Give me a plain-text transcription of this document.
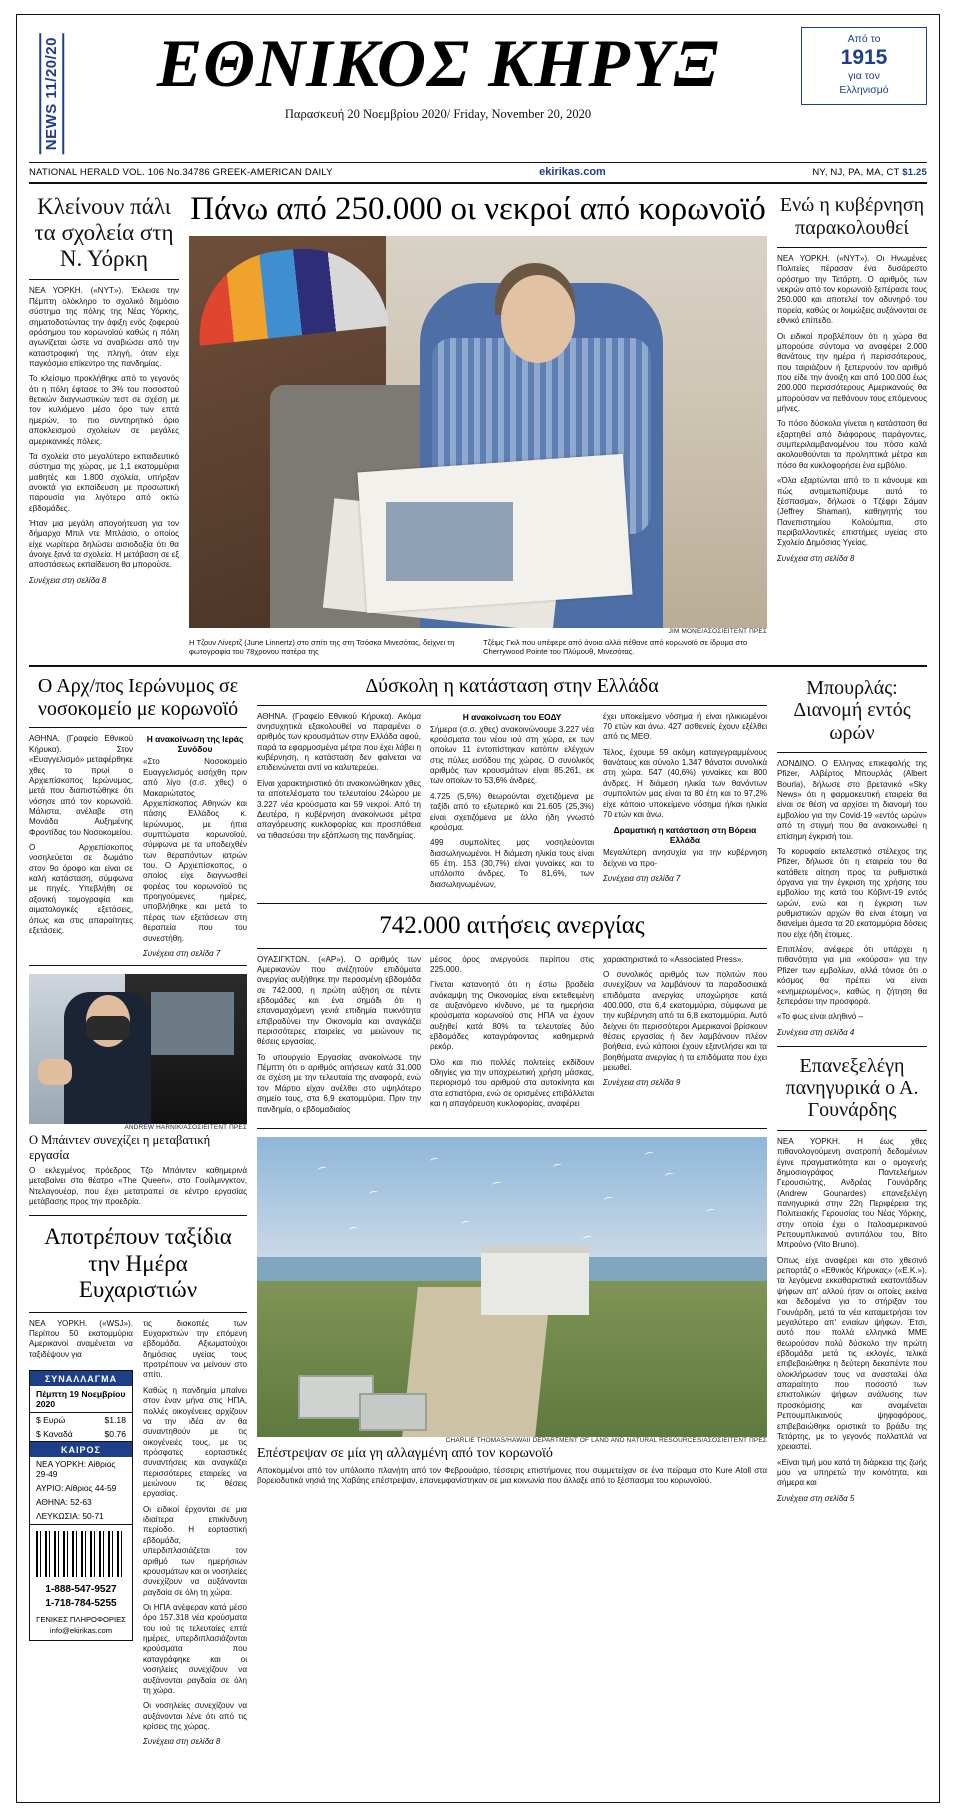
NEWS 11/20/20	ΕΘΝΙΚΟΣ ΚΗΡΥΞ
Παρασκευή 20 Νοεμβρίου 2020/ Friday, November 20, 2020
Από το
1915
για τον
Ελληνισμό
NATIONAL HERALD VOL. 106 No.34786 GREEK-AMERICAN DAILY	ekirikas.com	ΝΥ, ΝJ, ΡΑ, ΜΑ, CT $1.25
Κλείνουν πάλι τα σχολεία στη Ν. Υόρκη

ΝΕΑ ΥΟΡΚΗ. («ΝΥΤ»). Έκλεισε την Πέμπτη ολόκληρο το σχολικό δημόσιο σύστημα της πόλης της Νέας Υόρκης, σηματοδοτώντας την άφιξη ενός ζοφερού ορόσημου του κορωνοϊού καθώς η πόλη αγωνίζεται ώστε να αναβιώσει από την καταστροφική της πληγή, όταν είχε παγκόσμιο επίκεντρο της πανδημίας.

Το κλείσιμο προκλήθηκε από το γεγονός ότι η πόλη έφτασε το 3% του ποσοστού θετικών διαγνωστικών τεστ σε σχέση με τον κυλιόμενο μέσο όρο των επτά ημερών, το πιο συντηρητικό όριο αποκλεισμού σχολείων σε μεγάλες αμερικανικές πόλεις.

Τα σχολεία στο μεγαλύτερο εκπαιδευτικό σύστημα της χώρας, με 1,1 εκατομμύρια μαθητές και 1.800 σχολεία, υπήρξαν ανοικτά για εκπαίδευση με προσωπική παρουσία για λιγότερο από οκτώ εβδομάδες.

Ήταν μια μεγάλη απογοήτευση για τον δήμαρχο Μπιλ ντε Μπλάσιο, ο οποίος είχε νωρίτερα δηλώσει αισιοδοξία ότι θα άνοιγε ξανά τα σχολεία. Η μετάβαση σε εξ αποστάσεως εκπαίδευση θα μπορούσε.

Συνέχεια στη σελίδα 8
Πάνω από 250.000 οι νεκροί από κορωνοϊό
JIM MONE/ΑΣΟΣΙΕΪΤΕΝΤ ΠΡΕΣ
Η Τζουν Λίνερτζ (June Linnertz) στο σπίτι της στη Τσόσκα Μινεσότας, δείχνει τη φωτογραφία του 78χρονου πατέρα της
Τζέιμς Γκιλ που υπέφερε από άνοια αλλά πέθανε από κορωνοϊό σε ίδρυμα στο Cherrywood Pointe του Πλύμουθ, Μινεσότας.
Ενώ η κυβέρνηση παρακολουθεί

ΝΕΑ ΥΟΡΚΗ. («ΝΥΤ»). Οι Ηνωμένες Πολιτείες πέρασαν ένα δυσάρεστο ορόσημο την Τετάρτη. Ο αριθμός των νεκρών από τον κορωνοϊό ξεπέρασε τους 250.000 και αποτελεί τον οδυνηρό του πορεία, καθώς οι λοιμώξεις αυξάνονται σε εθνικό επίπεδο.

Οι ειδικοί προβλέπουν ότι η χώρα θα μπορούσε σύντομα να αναφέρει 2.000 θανάτους την ημέρα ή περισσότερους, που ταιριάζουν ή ξεπερνούν τον αριθμό που είδε την άνοιξη και από 100.000 έως 200.000 περισσότερους Αμερικανούς θα μπορούσαν να πεθάνουν τους επόμενους μήνες.

Το πόσο δύσκολα γίνεται η κατάσταση θα εξαρτηθεί από διάφορους παράγοντες, συμπεριλαμβανομένου του πόσο καλά ακολουθούνται τα προληπτικά μέτρα και πόσο θα κυκλοφορήσει ένα εμβόλιο.

«Όλα εξαρτώνται από το τι κάνουμε και πώς αντιμετωπίζουμε αυτό το ξέσπασμα», δήλωσε ο Τζέφρι Σάμαν (Jeffrey Shaman), καθηγητής του Πανεπιστημίου Κολούμπια, στο περιβαλλοντικές επιστήμες υγείας στο Σχολείο Δημόσιας Υγείας.

Συνέχεια στη σελίδα 8
Ο Αρχ/πος Ιερώνυμος σε νοσοκομείο με κορωνοϊό

ΑΘΗΝΑ. (Γραφείο Εθνικού Κήρυκα). Στον «Ευαγγελισμό» μεταφέρθηκε χθες το πρωί ο Αρχιεπίσκοπος Ιερώνυμος, μετά που διαπιστώθηκε ότι νόσησε από τον κορωνοϊό. Μάλιστα, ανέλαβε στη Μονάδα Αυξημένης Φροντίδας του Νοσοκομείου.

Ο Αρχιεπίσκοπος νοσηλεύεται σε δωμάτιο στον 9ο όροφο και είναι σε καλή κατάσταση, σύμφωνα με πηγές. Υπεβλήθη σε αξονική τομογραφία και αιματολογικές εξετάσεις, όπως και στις απαραίτητες εξετάσεις.

Η ανακοίνωση της Ιεράς Συνόδου

«Στο Νοσοκομείο Ευαγγελισμός εισήχθη πριν από λίγο (σ.σ. χθες) ο Μακαριώτατος Αρχιεπίσκοπος Αθηνών και πάσης Ελλάδος κ. Ιερώνυμος, με ήπια συμπτώματα κορωνοϊού, σύμφωνα με τα υποδειχθέν των θεραπόντων ιατρών του. Ο Αρχιεπίσκοπος, ο οποίος είχε διαγνωσθεί φορέας του κορωνοϊού τις προηγούμενες ημέρες, υποβλήθηκε και μετά το πέρας των εξετάσεων στη θεραπεία που του συνεστήθη.

Συνέχεια στη σελίδα 7
ANDREW HARNIK/ΑΣΟΣΙΕΪΤΕΝΤ ΠΡΕΣ
Ο Μπάιντεν συνεχίζει η μεταβατική εργασία

Ο εκλεγμένος πρόεδρος Τζο Μπάιντεν καθημερινά μεταβαίνει στο θέατρο «The Queen», στο Γουίλμινγκτον, Ντελαγουέαρ, που έχει μετατραπεί σε κέντρο εργασίας μετάβασης προς την προεδρία.

Αποτρέπουν ταξίδια την Ημέρα Ευχαριστιών

ΝΕΑ ΥΟΡΚΗ. («WSJ»). Περίπου 50 εκατομμύρια Αμερικανοί αναμένεται να ταξιδέψουν για

ΣΥΝΑΛΛΑΓΜΑ
Πέμπτη 19 Νοεμβρίου 2020
$ Ευρώ	$1.18
$ Καναδά	$0.76
ΚΑΙΡΟΣ
ΝΕΑ ΥΟΡΚΗ: Αίθριος 29-49
ΑΥΡΙΟ: Αίθριος 44-59
ΑΘΗΝΑ: 52-63
ΛΕΥΚΩΣΙΑ: 50-71
1-888-547-9527
1-718-784-5255
ΓΕΝΙΚΕΣ ΠΛΗΡΟΦΟΡΙΕΣ
info@ekirikas.com

τις διακοπές των Ευχαριστιών την επόμενη εβδομάδα. Αξιωματούχοι δημόσιας υγείας τους προτρέπουν να μείνουν στο σπίτι.

Καθώς η πανδημία μπαίνει στον έναν μήνα στις ΗΠΑ, πολλές οικογένειες αρχίζουν να την ιδέα αν θα συναντηθούν με τις οικογένειές τους, με τις πρόσφατες εορταστικές συναντήσεις και αναγκάζει περισσότερες εταιρείες να μειώνουν τις θέσεις εργασίας.

Οι ειδικοί έρχονται σε μια ιδιαίτερα επικίνδυνη περίοδο. Η εορταστική εβδομάδα, υπερδιπλασιάζεται τον αριθμό των ημερήσιων κρουσμάτων και οι νοσηλείες συνεχίζουν να αυξάνονται ραγδαία σε όλη τη χώρα.

Οι ΗΠΑ ανέφεραν κατά μέσο όρο 157.318 νέα κρούσματα του ιού τις τελευταίες επτά ημέρες, υπερδιπλασιάζονται κρούσματα που καταγράφηκε και οι νοσηλείες συνεχίζουν να αυξάνονται ραγδαία σε όλη τη χώρα.

Οι νοσηλείες συνεχίζουν να αυξάνονται λένε ότι από τις κρίσεις της χώρας.

Συνέχεια στη σελίδα 8
Δύσκολη η κατάσταση στην Ελλάδα

ΑΘΗΝΑ. (Γραφείο Εθνικού Κήρυκα). Ακόμα ανησυχητικά εξακολουθεί να παραμένει ο αριθμός των κρουσμάτων στην Ελλάδα αφού, παρά τα εφαρμοσμένα μέτρα που έχει λάβει η κυβέρνηση, η κατάσταση δεν φαίνεται να επιδεινώνεται αντί να καλυτερεύει.

Είναι χαρακτηριστικό ότι ανακοινώθηκαν χθες τα αποτελέσματα του τελευταίου 24ώρου με 3.227 νέα κρούσματα και 59 νεκροί. Από τη Δευτέρα, η κυβέρνηση ανακοίνωσε μέτρα απαγόρευσης κυκλοφορίας και προσπάθεια να τιθασεύσει την εξάπλωση της πανδημίας.

Η ανακοίνωση του ΕΟΔΥ

Σήμερα (σ.σ. χθες) ανακοινώνουμε 3.227 νέα κρούσματα του νέου ιού στη χώρα, εκ των οποίων 11 εντοπίστηκαν κατόπιν ελέγχων στις πύλες εισόδου της χώρας. Ο συνολικός αριθμός των κρουσμάτων είναι 85.261, εκ των οποίων το 53,6% άνδρες.

4.725 (5,5%) θεωρούνται σχετιζόμενα με ταξίδι από το εξωτερικό και 21.605 (25,3%) είναι σχετιζόμενα με άλλο ήδη γνωστό κρούσμα.

499 συμπολίτες μας νοσηλεύονται διασωληνωμένοι. Η διάμεση ηλικία τους είναι 65 έτη. 153 (30,7%) είναι γυναίκες και το υπόλοιπο άνδρες. Το 81,6%, των διασωληνωμένων,

έχει υποκείμενο νόσημα ή είναι ηλικιωμένοι 70 ετών και άνω. 427 ασθενείς έχουν εξέλθει από τις ΜΕΘ.

Τέλος, έχουμε 59 ακόμη καταγεγραμμένους θανάτους και σύνολο 1.347 θάνατοι συνολικά στη χώρα. 547 (40,6%) γυναίκες και 800 άνδρες. Η διάμεση ηλικία των θανόντων συμπολιτών μας είναι τα 80 έτη και το 97,2% είχε κάποιο υποκείμενο νόσημα ή/και ηλικία 70 ετών και άνω.

Δραματική η κατάσταση στη Βόρεια Ελλάδα

Μεγαλύτερη ανησυχία για την κυβέρνηση δείχνει να προ-

Συνέχεια στη σελίδα 7
742.000 αιτήσεις ανεργίας

ΟΥΑΣΙΓΚΤΩΝ. («ΑΡ»). Ο αριθμός των Αμερικανών που ανέζητούν επιδόματα ανεργίας αυξήθηκε την περασμένη εβδομάδα σε 742.000, η πρώτη αύξηση σε πέντε εβδομάδες και ένα σημάδι ότι η επαναμαχόμενη γενιά επιδημία πυκνότητα επιβραδύνει την Οικονομία και αναγκάζει περισσότερες εταιρείες να μειώνουν τις θέσεις εργασίας.

Το υπουργείο Εργασίας ανακοίνωσε την Πέμπτη ότι ο αριθμός αιτήσεων κατά 31.000 σε σχέση με την τελευταία της αναφορά, ενώ τον Μάρτιο είχαν ανέλθει στο υψηλότερο σημείο τους, στα 6,9 εκατομμύρια. Πριν την πανδημία, ο εβδομαδιαίος

μέσος όρος ανεργούσε περίπου στις 225.000.

Γίνεται κατανοητό ότι η έστω βραδεία ανάκαμψη της Οικονομίας είναι εκτεθειμένη σε αυξανόμενο κίνδυνο, με τα ημερήσια κρούσματα κορωνοϊού στις ΗΠΑ να έχουν αυξηθεί κατά 80% τα τελευταίες δύο εβδομάδες καταγράφοντας καθημερινά ρεκόρ.

Όλο και πιο πολλές πολιτείες εκδίδουν οδηγίες για την υποχρεωτική χρήση μάσκας, περιορισμό του αριθμού στα αυτοκίνητα και στα εστιατόρια, ενώ σε ορισμένες επιβάλλεται και η απαγόρευση κυκλοφορίας, αναφέρει

χαρακτηριστικά το «Associated Press».

Ο συνολικός αριθμός των πολιτών που συνεχίζουν να λαμβάνουν τα παραδοσιακά επιδόματα ανεργίας υποχώρησε κατά 400.000, στα 6,4 εκατομμύρια, σύμφωνα με την κυβέρνηση από τα 6,8 εκατομμύρια. Αυτό δείχνει ότι περισσότεροι Αμερικανοί βρίσκουν θέσεις εργασίας ή δεν λαμβάνουν πλέον βοήθεια, ενώ κάποιοι έχουν εξαντλήσει και τα βοηθήματα ανεργίας ή τα επιδόματα πoυ έχει μειωθεί.

Συνέχεια στη σελίδα 9
CHARLIE THOMAS/HAWAII DEPARTMENT OF LAND AND NATURAL RESOURCES/ΑΣΟΣΙΕΪΤΕΝΤ ΠΡΕΣ
Επέστρεψαν σε μία γη αλλαγμένη από τον κορωνοϊό

Αποκομμένοι από τον υπόλοιπο πλανήτη από τον Φεβρουάριο, τέσσερις επιστήμονες που συμμετείχαν σε ένα πείραμα στο Kure Atoll στα βορειοδυτικά νησιά της Χαβάης επέστρεψαν, επανεμφανίστηκαν σε μια κοινωνία που άλλαξε από το ξέσπασμα του κορωνοϊού.

Μπουρλάς: Διανομή εντός ωρών

ΛΟΝΔΙΝΟ. Ο Ελληνας επικεφαλής της Pfizer, Αλβέρτος Μπουρλάς (Albert Bourla), δήλωσε στο βρετανικό «Sky News» ότι η φαρμακευτική εταιρεία θα είναι σε θέση να αρχίσει τη διανομή του εμβολίου για την Covid-19 «εντός ωρών» από τη στιγμή που θα ανακοινωθεί η επίσημη έγκρισή του.

Το κορυφαίο εκτελεστικό στέλεχος της Pfizer, δήλωσε ότι η εταιρεία του θα κατάθετε αίτηση πρoς τα ρυθμιστικά όργανα για την έγκριση της χρήσης του εμβολίου της κατά του Κόβιντ-19 εντός ωρών, ενώ και η έγκριση των ρυθμιστικών αρχών θα είναι έτοιμη να διανείμει άμεσα τα 20 εκατομμύρια δόσεις που είχε ήδη έτοιμες.

Επιπλέον, ανέφερε ότι υπάρχει η πιθανότητα για μια «κούρσα» για την Pfizer των εμβολίων, αλλά τόνισε ότι ο κόσμος θα πρέπει να είναι «ενημερωμένος», καθώς η ζήτηση θα ξεπεράσει την προσφορά.

«Το φως είναι αληθινό –

Συνέχεια στη σελίδα 4
Επανεξελέγη πανηγυρικά ο Α. Γουνάρδης

ΝΕΑ ΥΟΡΚΗ. Η έως χθες πιθανολογούμενη ανατροπή δεδομένων έγινε πραγματικότητα και ο ομογενής δημοσιογράφος Παντελεήμων Γερουσιώτης, Ανδρέας Γουνάρδης (Andrew Gounardes) επανεξελέγη πανηγυρικά στην 22η Περιφέρεια της Πολιτειακής Γερουσίας του Νέας Υόρκης, στην οποία έχει ο Ιταλοαμερικανού Ρεπουμπλικανού αντιπάλου του, Βίτο Μπρούνο (Vito Bruno).

Όπως είχε αναφέρει και στο χθεσινό ρεπορτάζ ο «Εθνικός Κήρυκας» («Ε.Κ.»), τα λεγόμενα εκκαθαριστικά εκατοντάδων ψήφων απ' αλλού ήταν οι οποίες εκείνα και δεδομένα για το στήριξαν του Γουνάρδη, μετά τα νέα καταμετρήσει τον μεγαλύτερο απ' ενιαίων ψήφων. Έτσι, αυτό που πολλά ελληνικά ΜΜΕ θεωρούσαν πολύ δύσκολο την πρώτη εβδομάδα μετά τις εκλογές, τελικά επιβεβαιώθηκε η δεύτερη δεκαπέντε που ολοκλήρωσαν τους να ανασταλεί όλα απαραίτητο που ποσοστό των επιστολικών ψήφων ανάλυσης των προσκόμισης και αναμένεται Ρεπουμπλικανούς ψηφοφόρους, επιβεβαιώθηκε οριστικά το βράδυ της Τετάρτης, με το γεγονός πολλαπλά να χρειαστεί.

«Είναι τιμή μου κατά τη διάρκεια της ζωής μου να υπηρετώ την κοινότητα, και σήμερα και

Συνέχεια στη σελίδα 5
